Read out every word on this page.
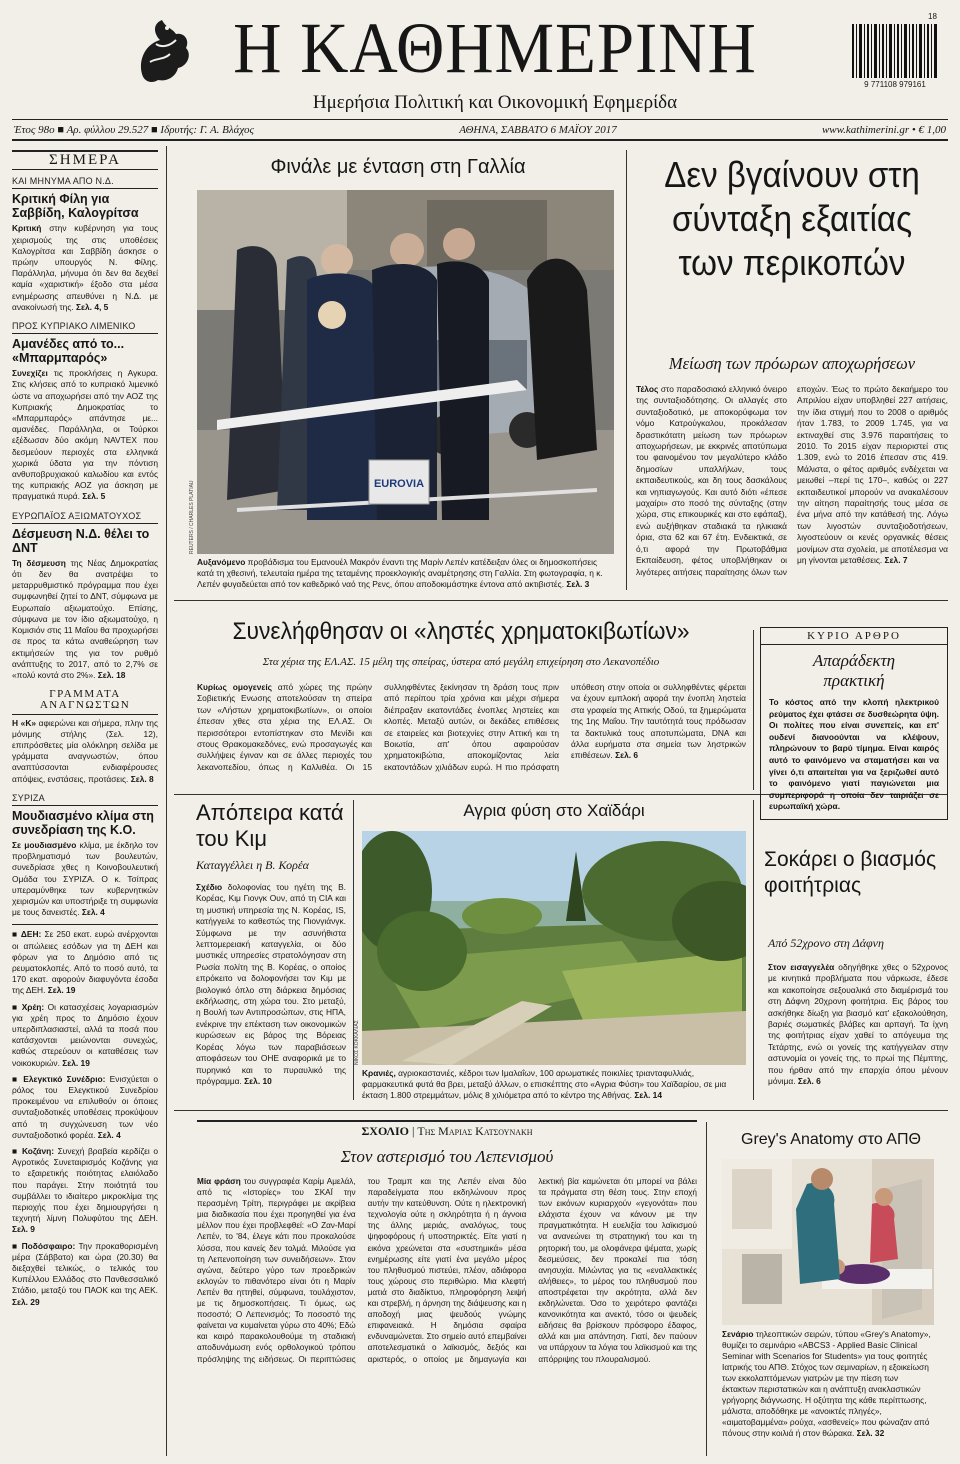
Η ΚΑΘΗΜΕΡΙΝΗ
Ημερήσια Πολιτική και Οικονομική Εφημερίδα
18
9 771108 979161
Έτος 98ο ■ Αρ. φύλλου 29.527 ■ Ιδρυτής: Γ. Α. Βλάχος	ΑΘΗΝΑ, ΣΑΒΒΑΤΟ 6 ΜΑΪΟΥ 2017	www.kathimerini.gr • € 1,00
ΣΗΜΕΡΑ
ΚΑΙ ΜΗΝΥΜΑ ΑΠΟ Ν.Δ.
Κριτική Φίλη για Σαββίδη, Καλογρίτσα
Κριτική στην κυβέρνηση για τους χειρισμούς της στις υποθέσεις Καλογρίτσα και Σαββίδη άσκησε ο πρώην υπουργός Ν. Φίλης. Παράλληλα, μήνυμα ότι δεν θα δεχθεί καμία «χαριστική» έξοδο στα μέσα ενημέρωσης απευθύνει η Ν.Δ. με ανακοίνωσή της. Σελ. 4, 5
ΠΡΟΣ ΚΥΠΡΙΑΚΟ ΛΙΜΕΝΙΚΟ
Αμανέδες από το... «Μπαρμπαρός»
Συνεχίζει τις προκλήσεις η Αγκυρα. Στις κλήσεις από το κυπριακό λιμενικό ώστε να αποχωρήσει από την ΑΟΖ της Κυπριακής Δημοκρατίας το «Μπαρμπαρός» απάντησε με... αμανέδες. Παράλληλα, οι Τούρκοι εξέδωσαν δύο ακόμη NAVTEX που δεσμεύουν περιοχές στα ελληνικά χωρικά ύδατα για την πόντιση ανθυποβρυχιακού καλωδίου και εντός της κυπριακής ΑΟΖ για άσκηση με πραγματικά πυρά. Σελ. 5
ΕΥΡΩΠΑΪΟΣ ΑΞΙΩΜΑΤΟΥΧΟΣ
Δέσμευση Ν.Δ. θέλει το ΔΝΤ
Τη δέσμευση της Νέας Δημοκρατίας ότι δεν θα ανατρέψει το μεταρρυθμιστικό πρόγραμμα που έχει συμφωνηθεί ζητεί το ΔΝΤ, σύμφωνα με Ευρωπαίο αξιωματούχο. Επίσης, σύμφωνα με τον ίδιο αξιωματούχο, η Κομισιόν στις 11 Μαΐου θα προχωρήσει σε προς τα κάτω αναθεώρηση των εκτιμήσεών της για τον ρυθμό ανάπτυξης το 2017, από το 2,7% σε «πολύ κοντά στο 2%». Σελ. 18
ΓΡΑΜΜΑΤΑ ΑΝΑΓΝΩΣΤΩΝ
Η «Κ» αφιερώνει και σήμερα, πλην της μόνιμης στήλης (Σελ. 12), επιπρόσθετες μία ολόκληρη σελίδα με γράμματα αναγνωστών, όπου αναπτύσσονται ενδιαφέρουσες απόψεις, ενστάσεις, προτάσεις. Σελ. 8
ΣΥΡΙΖΑ
Μουδιασμένο κλίμα στη συνεδρίαση της Κ.Ο.
Σε μουδιασμένο κλίμα, με έκδηλο τον προβληματισμό των βουλευτών, συνεδρίασε χθες η Κοινοβουλευτική Ομάδα του ΣΥΡΙΖΑ. Ο κ. Τσίπρας υπεραμύνθηκε των κυβερνητικών χειρισμών και υποστήριξε τη συμφωνία με τους δανειστές. Σελ. 4
■ ΔΕΗ: Σε 250 εκατ. ευρώ ανέρχονται οι απώλειες εσόδων για τη ΔΕΗ και φόρων για το Δημόσιο από τις ρευματοκλοπές. Από το ποσό αυτό, τα 170 εκατ. αφορούν διαφυγόντα έσοδα της ΔΕΗ. Σελ. 19
■ Χρέη: Οι κατασχέσεις λογαριασμών για χρέη προς το Δημόσιο έχουν υπερδιπλασιαστεί, αλλά τα ποσά που κατάσχονται μειώνονται συνεχώς, καθώς στερεύουν οι καταθέσεις των νοικοκυριών. Σελ. 19
■ Ελεγκτικό Συνέδριο: Ενισχύεται ο ρόλος του Ελεγκτικού Συνεδρίου προκειμένου να επιλυθούν οι όποιες συνταξιοδοτικές υποθέσεις προκύψουν από τη συγχώνευση των νέο συνταξιοδοτικό φορέα. Σελ. 4
■ Κοζάνη: Συνεχή βραβεία κερδίζει ο Αγροτικός Συνεταιρισμός Κοζάνης για το εξαιρετικής ποιότητας ελαιόλαδο που παράγει. Στην ποιότητά του συμβάλλει το ιδιαίτερο μικροκλίμα της περιοχής που έχει δημιουργήσει η τεχνητή λίμνη Πολυφύτου της ΔΕΗ. Σελ. 9
■ Ποδόσφαιρο: Την προκαθορισμένη μέρα (Σάββατο) και ώρα (20.30) θα διεξαχθεί τελικώς, ο τελικός του Κυπέλλου Ελλάδος στο Πανθεσσαλικό Στάδιο, μεταξύ του ΠΑΟΚ και της ΑΕΚ. Σελ. 29
Φινάλε με ένταση στη Γαλλία
EUROVIA
REUTERS / CHARLES PLATIAU
Αυξανόμενο προβάδισμα του Εμανουέλ Μακρόν έναντι της Μαρίν Λεπέν κατέδειξαν όλες οι δημοσκοπήσεις κατά τη χθεσινή, τελευταία ημέρα της τεταμένης προεκλογικής αναμέτρησης στη Γαλλία. Στη φωτογραφία, η κ. Λεπέν φυγαδεύεται από τον καθεδρικό ναό της Ρενς, όπου αποδοκιμάστηκε έντονα από ακτιβιστές. Σελ. 3
Δεν βγαίνουν στη σύνταξη εξαιτίας των περικοπών
Μείωση των πρόωρων αποχωρήσεων
Τέλος στο παραδοσιακό ελληνικό όνειρο της συνταξιοδότησης. Οι αλλαγές στο συνταξιοδοτικό, με αποκορύφωμα τον νόμο Κατρούγκαλου, προκάλεσαν δραστικότατη μείωση των πρόωρων αποχωρήσεων, με εκκρινές αποτύπωμα του φαινομένου τον μεγαλύτερο κλάδο δημοσίων υπαλλήλων, τους εκπαιδευτικούς, και δη τους δασκάλους και νηπιαγωγούς. Και αυτό διότι «έπεσε μαχαίρι» στο ποσό της σύνταξης (στην χώρα, στις επικουρικές και στο εφάπαξ), ενώ αυξήθηκαν σταδιακά τα ηλικιακά όρια, στα 62 και 67 έτη. Ενδεικτικά, σε ό,τι αφορά την Πρωτοβάθμια Εκπαίδευση, φέτος υποβλήθηκαν οι λιγότερες αιτήσεις παραίτησης όλων των εποχών. Έως το πρώτο δεκαήμερο του Απριλίου είχαν υποβληθεί 227 αιτήσεις, την ίδια στιγμή που το 2008 ο αριθμός ήταν 1.783, το 2009 1.745, για να εκτιναχθεί στις 3.976 παραιτήσεις το 2010. Το 2015 είχαν περιοριστεί στις 1.309, ενώ το 2016 έπεσαν στις 419. Μάλιστα, ο φέτος αριθμός ενδέχεται να μειωθεί –περί τις 170–, καθώς οι 227 εκπαιδευτικοί μπορούν να ανακαλέσουν την αίτηση παραίτησής τους μέσα σε ένα μήνα από την κατάθεσή της. Λόγω των λιγοστών συνταξιοδοτήσεων, λιγοστεύουν οι κενές οργανικές θέσεις μονίμων στα σχολεία, με αποτέλεσμα να μη γίνονται μεταθέσεις. Σελ. 7
Συνελήφθησαν οι «ληστές χρηματοκιβωτίων»
Στα χέρια της ΕΛ.ΑΣ. 15 μέλη της σπείρας, ύστερα από μεγάλη επιχείρηση στο Λεκανοπέδιο
Κυρίως ομογενείς από χώρες της πρώην Σοβιετικής Ενωσης αποτελούσαν τη σπείρα των «Λήστων χρηματοκιβωτίων», οι οποίοι έπεσαν χθες στα χέρια της ΕΛ.ΑΣ. Οι περισσότεροι εντοπίστηκαν στο Μενίδι και στους Θρακομακεδόνες, ενώ προσαγωγές και συλλήψεις έγιναν και σε άλλες περιοχές του λεκανοπεδίου, όπως η Καλλιθέα. Οι 15 συλληφθέντες ξεκίνησαν τη δράση τους πριν από περίπου τρία χρόνια και μέχρι σήμερα διέπραξαν εκατοντάδες ένοπλες ληστείες και κλοπές. Μεταξύ αυτών, οι δεκάδες επιθέσεις σε εταιρείες και βιοτεχνίες στην Αττική και τη Βοιωτία, απ' όπου αφαιρούσαν χρηματοκιβώτια, αποκομίζοντας λεία εκατοντάδων χιλιάδων ευρώ. Η πιο πρόσφατη υπόθεση στην οποία οι συλληφθέντες φέρεται να έχουν εμπλοκή αφορά την ένοπλη ληστεία στα γραφεία της Αττικής Οδού, τα ξημερώματα της 1ης Μαΐου. Την ταυτότητά τους πρόδωσαν τα δακτυλικά τους αποτυπώματα, DNA και άλλα ευρήματα στα σημεία των ληστρικών επιθέσεων. Σελ. 6
ΚΥΡΙΟ ΑΡΘΡΟ
Απαράδεκτη πρακτική
Το κόστος από την κλοπή ηλεκτρικού ρεύματος έχει φτάσει σε δυσθεώρητα ύψη. Οι πολίτες που είναι συνεπείς, και επ' ουδενί διανοούνται να κλέψουν, πληρώνουν το βαρύ τίμημα. Είναι καιρός αυτό το φαινόμενο να σταματήσει και να γίνει ό,τι απαιτείται για να ξεριζωθεί αυτό το φαινόμενο γιατί παγιώνεται μια συμπεριφορά η οποία δεν ταιριάζει σε ευρωπαϊκή χώρα.
Απόπειρα κατά του Κιμ
Καταγγέλλει η Β. Κορέα
Σχέδιο δολοφονίας του ηγέτη της Β. Κορέας, Κιμ Γιονγκ Ουν, από τη CIA και τη μυστική υπηρεσία της Ν. Κορέας, IS, κατήγγειλε το καθεστώς της Πιονγιάνγκ. Σύμφωνα με την ασυνήθιστα λεπτομερειακή καταγγελία, οι δύο μυστικές υπηρεσίες στρατολόγησαν στη Ρωσία πολίτη της Β. Κορέας, ο οποίος επρόκειτο να δολοφονήσει τον Κιμ με βιολογικό όπλο στη διάρκεια δημόσιας εκδήλωσης, στη χώρα του. Στο μεταξύ, η Βουλή των Αντιπροσώπων, στις ΗΠΑ, ενέκρινε την επέκταση των οικονομικών κυρώσεων εις βάρος της Βόρειας Κορέας λόγω των παραβιάσεων αποφάσεων του ΟΗΕ αναφορικά με το πυρηνικό και το πυραυλικό της πρόγραμμα. Σελ. 10
Αγρια φύση στο Χαϊδάρι
ΝΙΚΟΣ ΚΟΚΚΑΛΙΑΣ
Κρανιές, αγριοκαστανιές, κέδροι των Ιμαλαΐων, 100 αρωματικές ποικιλίες τριανταφυλλιάς, φαρμακευτικά φυτά θα βρει, μεταξύ άλλων, ο επισκέπτης στο «Αγρια Φύση» του Χαϊδαρίου, σε μια έκταση 1.800 στρεμμάτων, μόλις 8 χιλιόμετρα από το κέντρο της Αθήνας. Σελ. 14
Σοκάρει ο βιασμός φοιτήτριας
Από 52χρονο στη Δάφνη
Στον εισαγγελέα οδηγήθηκε χθες ο 52χρονος με κινητικά προβλήματα που νάρκωσε, έδεσε και κακοποίησε σεξουαλικά στο διαμέρισμά του στη Δάφνη 20χρονη φοιτήτρια. Εις βάρος του ασκήθηκε δίωξη για βιασμό κατ' εξακολούθηση, βαριές σωματικές βλάβες και αρπαγή. Τα ίχνη της φοιτήτριας είχαν χαθεί το απόγευμα της Τετάρτης, ενώ οι γονείς της κατήγγειλαν στην αστυνομία οι γονείς της, το πρωί της Πέμπτης, που ήρθαν από την επαρχία όπου μένουν μόνιμα. Σελ. 6
ΣΧΟΛΙΟ | Της Μαριας Κατσουνακη
Στον αστερισμό του Λεπενισμού
Μία φράση του συγγραφέα Καρίμ Αμελάλ, από τις «Ιστορίες» του ΣΚΑΪ την περασμένη Τρίτη, περιγράφει με ακρίβεια μια διαδικασία που έχει προηγηθεί για ένα μέλλον που έχει προβλεφθεί: «Ο Ζαν-Μαρί Λεπέν, το '84, έλεγε κάτι που προκαλούσε λύσσα, που κανείς δεν τολμά. Μιλούσε για τη Λεπενοποίηση των συνειδήσεων». Στον αγώνα, δεύτερο γύρο των προεδρικών εκλογών το πιθανότερο είναι ότι η Μαρίν Λεπέν θα ηττηθεί, σύμφωνα, τουλάχιστον, με τις δημοσκοπήσεις. Τι όμως, ως ποσοστό; Ο Λεπενισμός; Το ποσοστό της φαίνεται να κυμαίνεται γύρω στο 40%; Εδώ και καιρό παρακολουθούμε τη σταδιακή αποδυνάμωση ενός ορθολογικού τρόπου πρόσληψης της ειδήσεως. Οι περιπτώσεις του Τραμπ και της Λεπέν είναι δύο παραδείγματα που εκδηλώνουν προς αυτήν την κατεύθυνση. Ούτε η ηλεκτρονική τεχνολογία ούτε η σκληρότητα ή η άγνοια της άλλης μεριάς, αναλόγως, τους ψηφοφόρους ή υποστηρικτές. Είτε γιατί η εικόνα χρεώνεται στα «συστημικά» μέσα ενημέρωσης είτε γιατί ένα μεγάλο μέρος του πληθυσμού πιστεύει, πλέον, αδιάφορα τους χώρους στο περιθώριο. Μια κλεφτή ματιά στο διαδίκτυο, πληροφόρηση λειψή και στρεβλή, η άρνηση της διάψευσης και η αποδοχή μιας ψευδούς γνώμης επιφανειακά. Η δημόσια σφαίρα ενδυναμώνεται. Στο σημείο αυτό επεμβαίνει αποτελεσματικά ο λαϊκισμός, δεξιός και αριστερός, ο οποίος με δημαγωγία και λεκτική βία καμώνεται ότι μπορεί να βάλει τα πράγματα στη θέση τους. Στην εποχή των εικόνων κυριαρχούν «γεγονότα» που ελάχιστα έχουν να κάνουν με την πραγματικότητα. Η ευελιξία του λαϊκισμού να ανανεώνει τη στρατηγική του και τη ρητορική του, με ολοφάνερα ψέματα, χωρίς δεσμεύσεις, δεν προκαλεί πια τόση ανησυχία. Μιλώντας για τις «εναλλακτικές αλήθειες», το μέρος του πληθυσμού που αποστρέφεται την ακρότητα, αλλά δεν εκδηλώνεται. Όσο το χειρότερο φαντάζει κανονικότητα και ανεκτό, τόσο οι ψευδείς ειδήσεις θα βρίσκουν πρόσφορο έδαφος, αλλά και μια απάντηση. Γιατί, δεν παύουν να υπάρχουν τα λόγια του λαϊκισμού και της απόρριψης του πλουραλισμού.
Grey's Anatomy στο ΑΠΘ
Σενάριο τηλεοπτικών σειρών, τύπου «Grey's Anatomy», θυμίζει το σεμινάριο «ABCS3 - Applied Basic Clinical Seminar with Scenarios for Students» για τους φοιτητές Ιατρικής του ΑΠΘ. Στόχος των σεμιναρίων, η εξοικείωση των εκκολαπτόμενων γιατρών με την πίεση των έκτακτων περιστατικών και η ανάπτυξη ανακλαστικών γρήγορης διάγνωσης. Η οξύτητα της κάθε περίπτωσης, μάλιστα, αποδόθηκε με «ανοικτές πληγές», «αιματοβαμμένα» ρούχα, «ασθενείς» που φώναζαν από πόνους στην κοιλιά ή στον θώρακα. Σελ. 32
